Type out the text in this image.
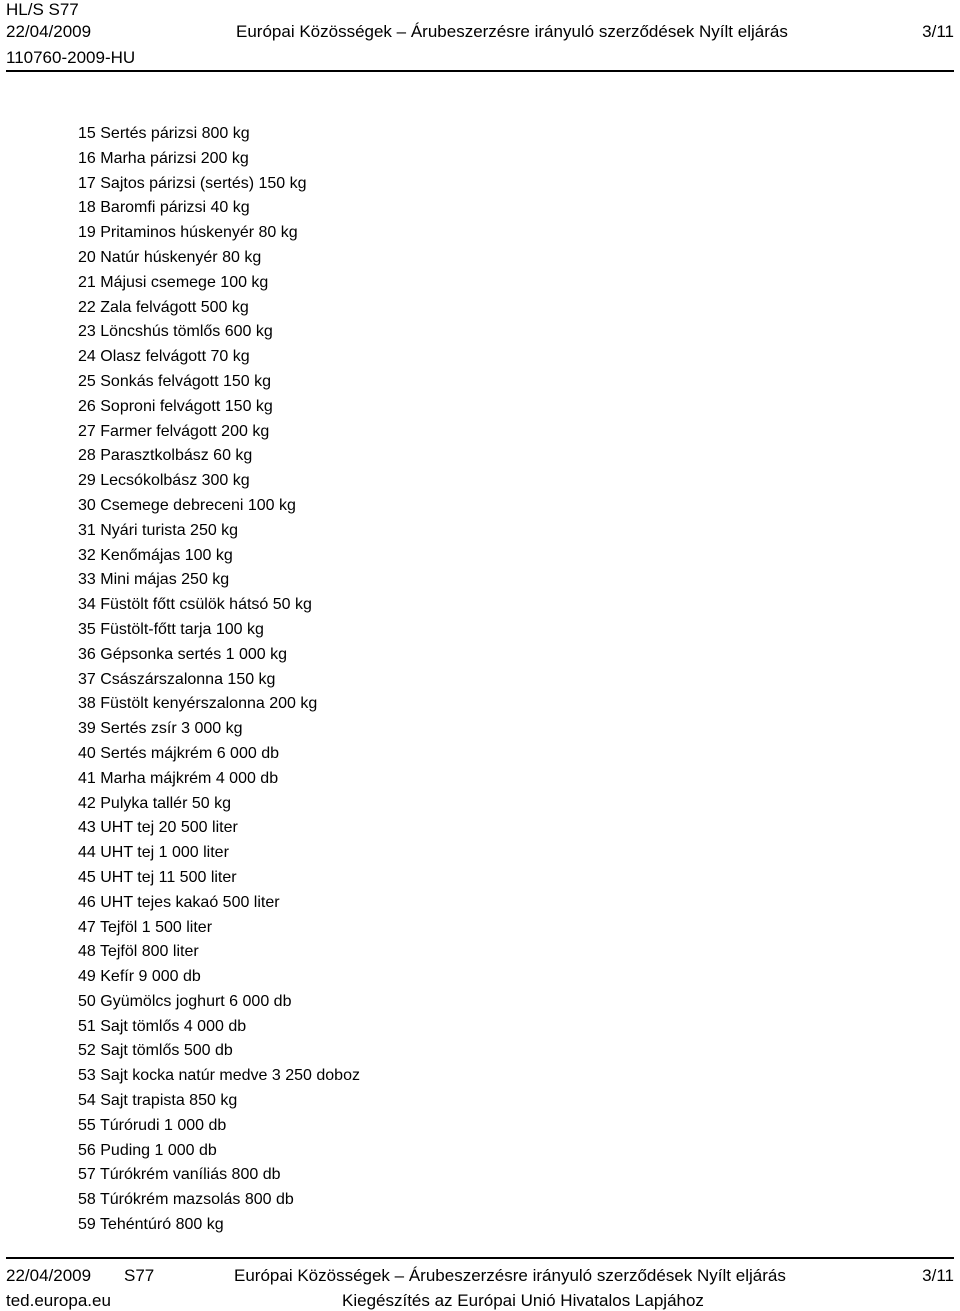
HL/S S77
22/04/2009	Európai Közösségek – Árubeszerzésre irányuló szerződések Nyílt eljárás	3/11
110760-2009-HU
15 Sertés párizsi 800 kg
16 Marha párizsi 200 kg
17 Sajtos párizsi (sertés) 150 kg
18 Baromfi párizsi 40 kg
19 Pritaminos húskenyér 80 kg
20 Natúr húskenyér 80 kg
21 Májusi csemege 100 kg
22 Zala felvágott 500 kg
23 Löncshús tömlős 600 kg
24 Olasz felvágott 70 kg
25 Sonkás felvágott 150 kg
26 Soproni felvágott 150 kg
27 Farmer felvágott 200 kg
28 Parasztkolbász 60 kg
29 Lecsókolbász 300 kg
30 Csemege debreceni 100 kg
31 Nyári turista 250 kg
32 Kenőmájas 100 kg
33 Mini májas 250 kg
34 Füstölt főtt csülök hátsó 50 kg
35 Füstölt-főtt tarja 100 kg
36 Gépsonka sertés 1 000 kg
37 Császárszalonna 150 kg
38 Füstölt kenyérszalonna 200 kg
39 Sertés zsír 3 000 kg
40 Sertés májkrém 6 000 db
41 Marha májkrém 4 000 db
42 Pulyka tallér 50 kg
43 UHT tej 20 500 liter
44 UHT tej 1 000 liter
45 UHT tej 11 500 liter
46 UHT tejes kakaó 500 liter
47 Tejföl 1 500 liter
48 Tejföl 800 liter
49 Kefír 9 000 db
50 Gyümölcs joghurt 6 000 db
51 Sajt tömlős 4 000 db
52 Sajt tömlős 500 db
53 Sajt kocka natúr medve 3 250 doboz
54 Sajt trapista 850 kg
55 Túrórudi 1 000 db
56 Puding 1 000 db
57 Túrókrém vaníliás 800 db
58 Túrókrém mazsolás 800 db
59 Tehéntúró 800 kg
22/04/2009	S77	Európai Közösségek – Árubeszerzésre irányuló szerződések Nyílt eljárás	3/11
ted.europa.eu	Kiegészítés az Európai Unió Hivatalos Lapjához
